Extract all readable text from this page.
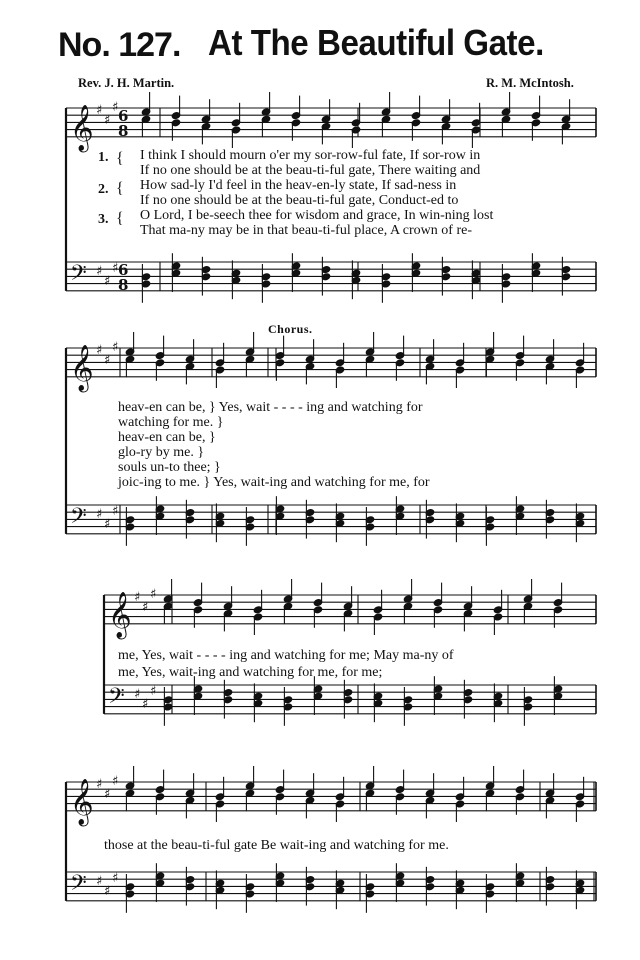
No. 127. At The Beautiful Gate.
Rev. J. H. Martin.	R. M. McIntosh.
𝄞 ♯
♯
♯ 6
8
𝄢 ♯
♯
♯ 6
8
𝄞 ♯
♯
♯
𝄢 ♯
♯
♯
𝄞 ♯
♯
♯
𝄢 ♯
♯
♯
𝄞 ♯
♯
♯
𝄢 ♯
♯
♯
1.
2.
3.
{
{
{
I think I should mourn o'er my sor-row-ful fate, If sor-row in
If no one should be at the beau-ti-ful gate, There waiting and
How sad-ly I'd feel in the heav-en-ly state, If sad-ness in
If no one should be at the beau-ti-ful gate, Conduct-ed to
O Lord, I be-seech thee for wisdom and grace, In win-ning lost
That ma-ny may be in that beau-ti-ful place, A crown of re-
Chorus.
heav-en can be, } Yes, wait - - - - ing and watching for
watching for me. }
heav-en can be, }
glo-ry by me. }
souls un-to thee; }
joic-ing to me. } Yes, wait-ing and watching for me, for
me, Yes, wait - - - - ing and watching for me; May ma-ny of
me, Yes, wait-ing and watching for me, for me;
those at the beau-ti-ful gate Be wait-ing and watching for me.
